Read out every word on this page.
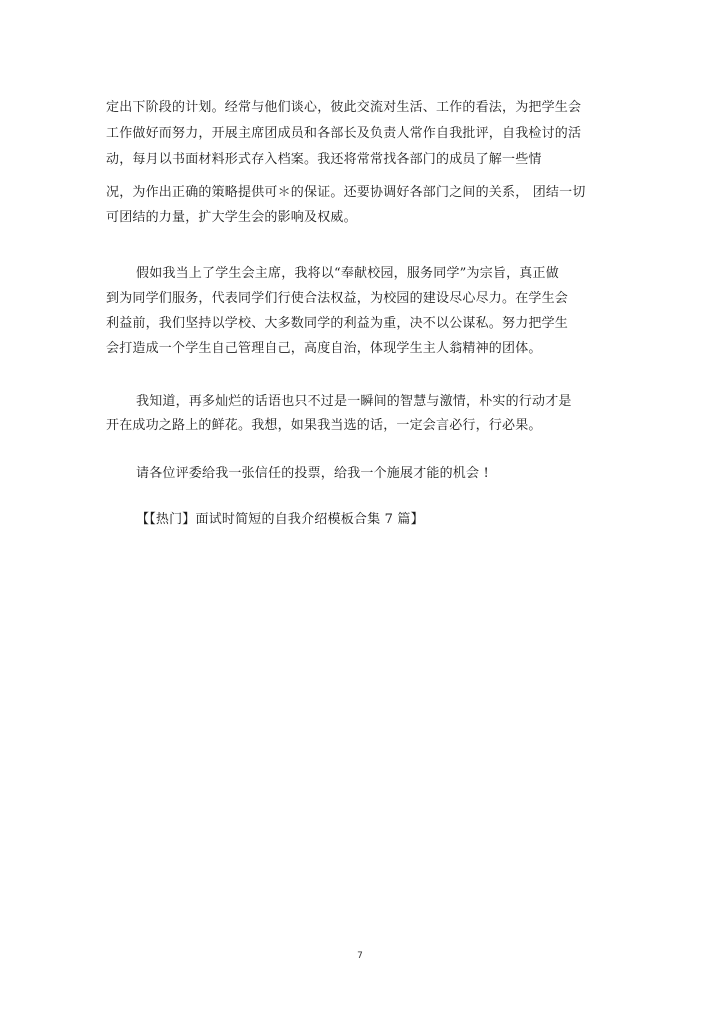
定出下阶段的计划。经常与他们谈心，彼此交流对生活、工作的看法，为把学生会
工作做好而努力，开展主席团成员和各部长及负责人常作自我批评，自我检讨的活
动，每月以书面材料形式存入档案。我还将常常找各部门的成员了解一些情
况，为作出正确的策略提供可＊的保证。还要协调好各部门之间的关系， 团结一切
可团结的力量，扩大学生会的影响及权威。
假如我当上了学生会主席，我将以“奉献校园，服务同学”为宗旨，真正做
到为同学们服务，代表同学们行使合法权益，为校园的建设尽心尽力。在学生会
利益前，我们坚持以学校、大多数同学的利益为重，决不以公谋私。努力把学生
会打造成一个学生自己管理自己，高度自治，体现学生主人翁精神的团体。
我知道，再多灿烂的话语也只不过是一瞬间的智慧与激情，朴实的行动才是
开在成功之路上的鲜花。我想，如果我当选的话，一定会言必行，行必果。
请各位评委给我一张信任的投票，给我一个施展才能的机会 !
【【热门】面试时简短的自我介绍模板合集 7 篇】
7
